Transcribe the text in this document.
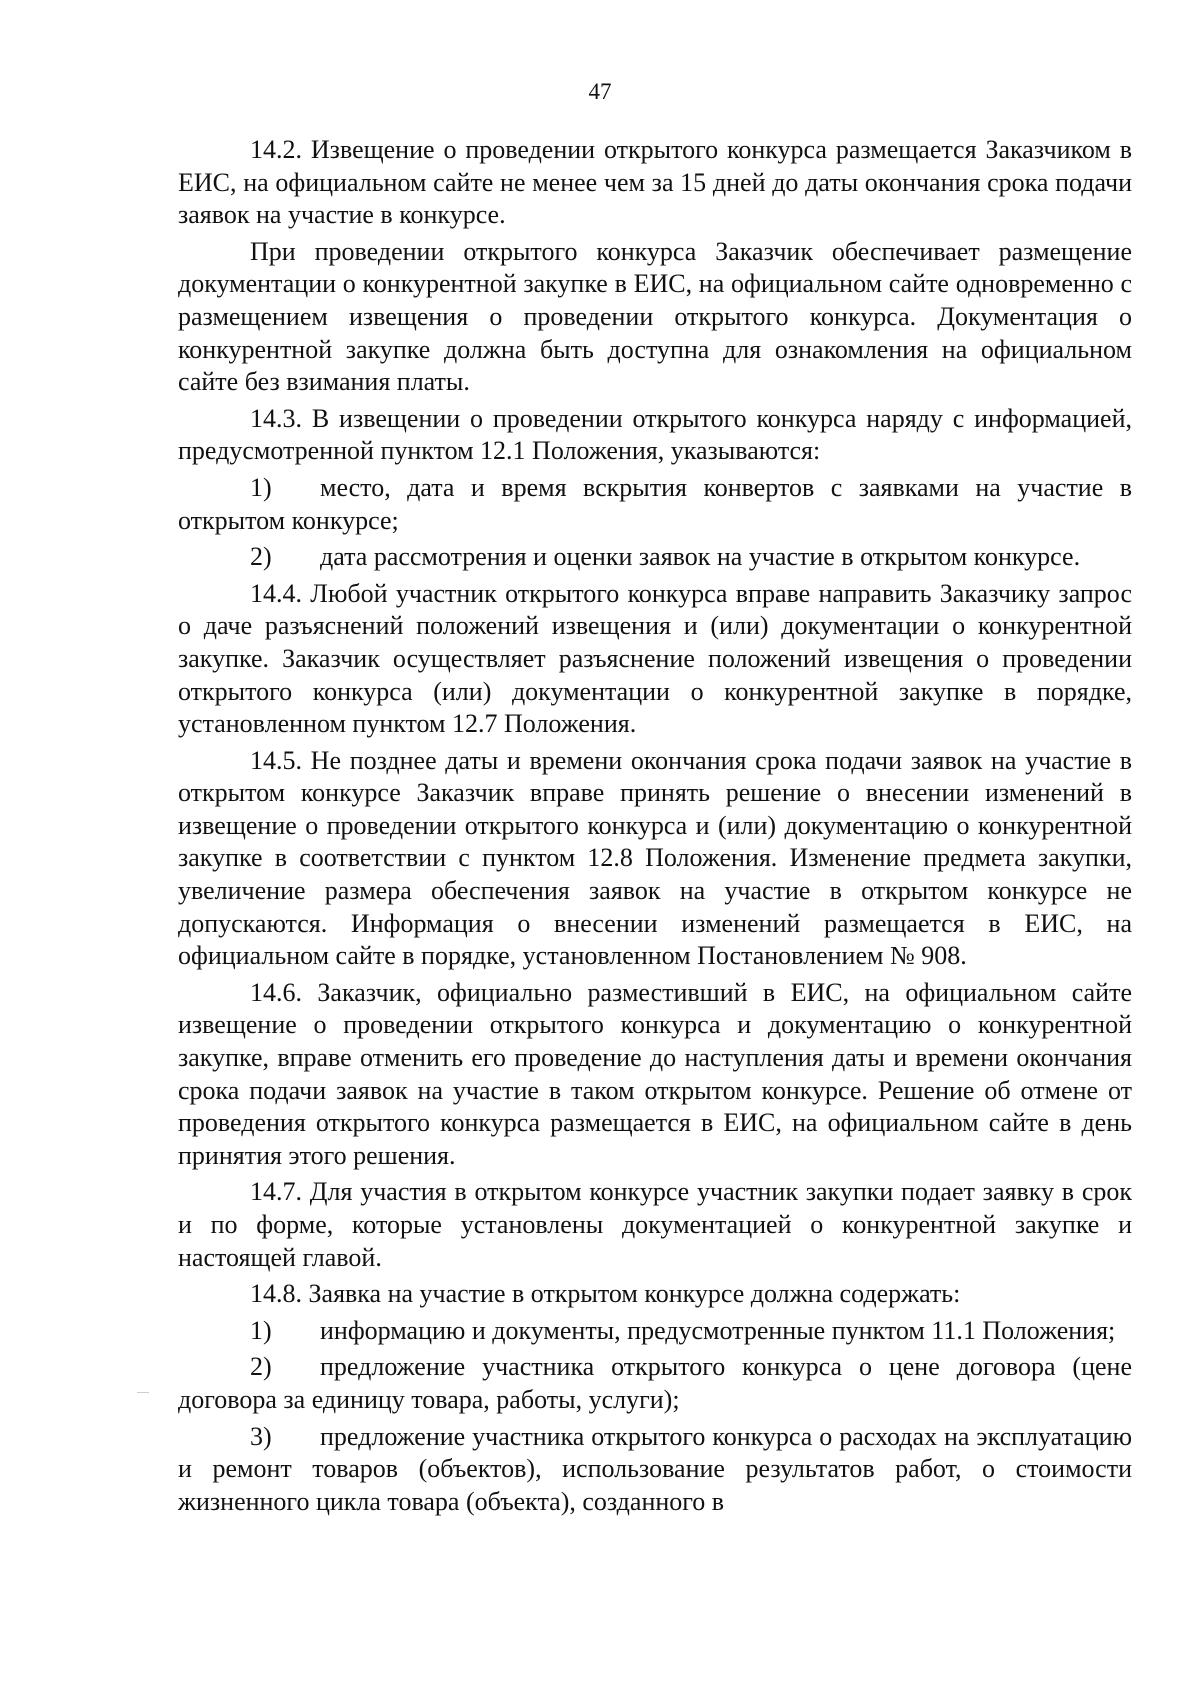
47

14.2. Извещение о проведении открытого конкурса размещается Заказчиком в ЕИС, на официальном сайте не менее чем за 15 дней до даты окончания срока подачи заявок на участие в конкурсе.

При проведении открытого конкурса Заказчик обеспечивает размещение документации о конкурентной закупке в ЕИС, на официальном сайте одновременно с размещением извещения о проведении открытого конкурса. Документация о конкурентной закупке должна быть доступна для ознакомления на официальном сайте без взимания платы.

14.3. В извещении о проведении открытого конкурса наряду с информацией, предусмотренной пунктом 12.1 Положения, указываются:

1) место, дата и время вскрытия конвертов с заявками на участие в открытом конкурсе;

2) дата рассмотрения и оценки заявок на участие в открытом конкурсе.

14.4. Любой участник открытого конкурса вправе направить Заказчику запрос о даче разъяснений положений извещения и (или) документации о конкурентной закупке. Заказчик осуществляет разъяснение положений извещения о проведении открытого конкурса (или) документации о конкурентной закупке в порядке, установленном пунктом 12.7 Положения.

14.5. Не позднее даты и времени окончания срока подачи заявок на участие в открытом конкурсе Заказчик вправе принять решение о внесении изменений в извещение о проведении открытого конкурса и (или) документацию о конкурентной закупке в соответствии с пунктом 12.8 Положения. Изменение предмета закупки, увеличение размера обеспечения заявок на участие в открытом конкурсе не допускаются. Информация о внесении изменений размещается в ЕИС, на официальном сайте в порядке, установленном Постановлением № 908.

14.6. Заказчик, официально разместивший в ЕИС, на официальном сайте извещение о проведении открытого конкурса и документацию о конкурентной закупке, вправе отменить его проведение до наступления даты и времени окончания срока подачи заявок на участие в таком открытом конкурсе. Решение об отмене от проведения открытого конкурса размещается в ЕИС, на официальном сайте в день принятия этого решения.

14.7. Для участия в открытом конкурсе участник закупки подает заявку в срок и по форме, которые установлены документацией о конкурентной закупке и настоящей главой.

14.8. Заявка на участие в открытом конкурсе должна содержать:

1) информацию и документы, предусмотренные пунктом 11.1 Положения;

2) предложение участника открытого конкурса о цене договора (цене договора за единицу товара, работы, услуги);

3) предложение участника открытого конкурса о расходах на эксплуатацию и ремонт товаров (объектов), использование результатов работ, о стоимости жизненного цикла товара (объекта), созданного в
